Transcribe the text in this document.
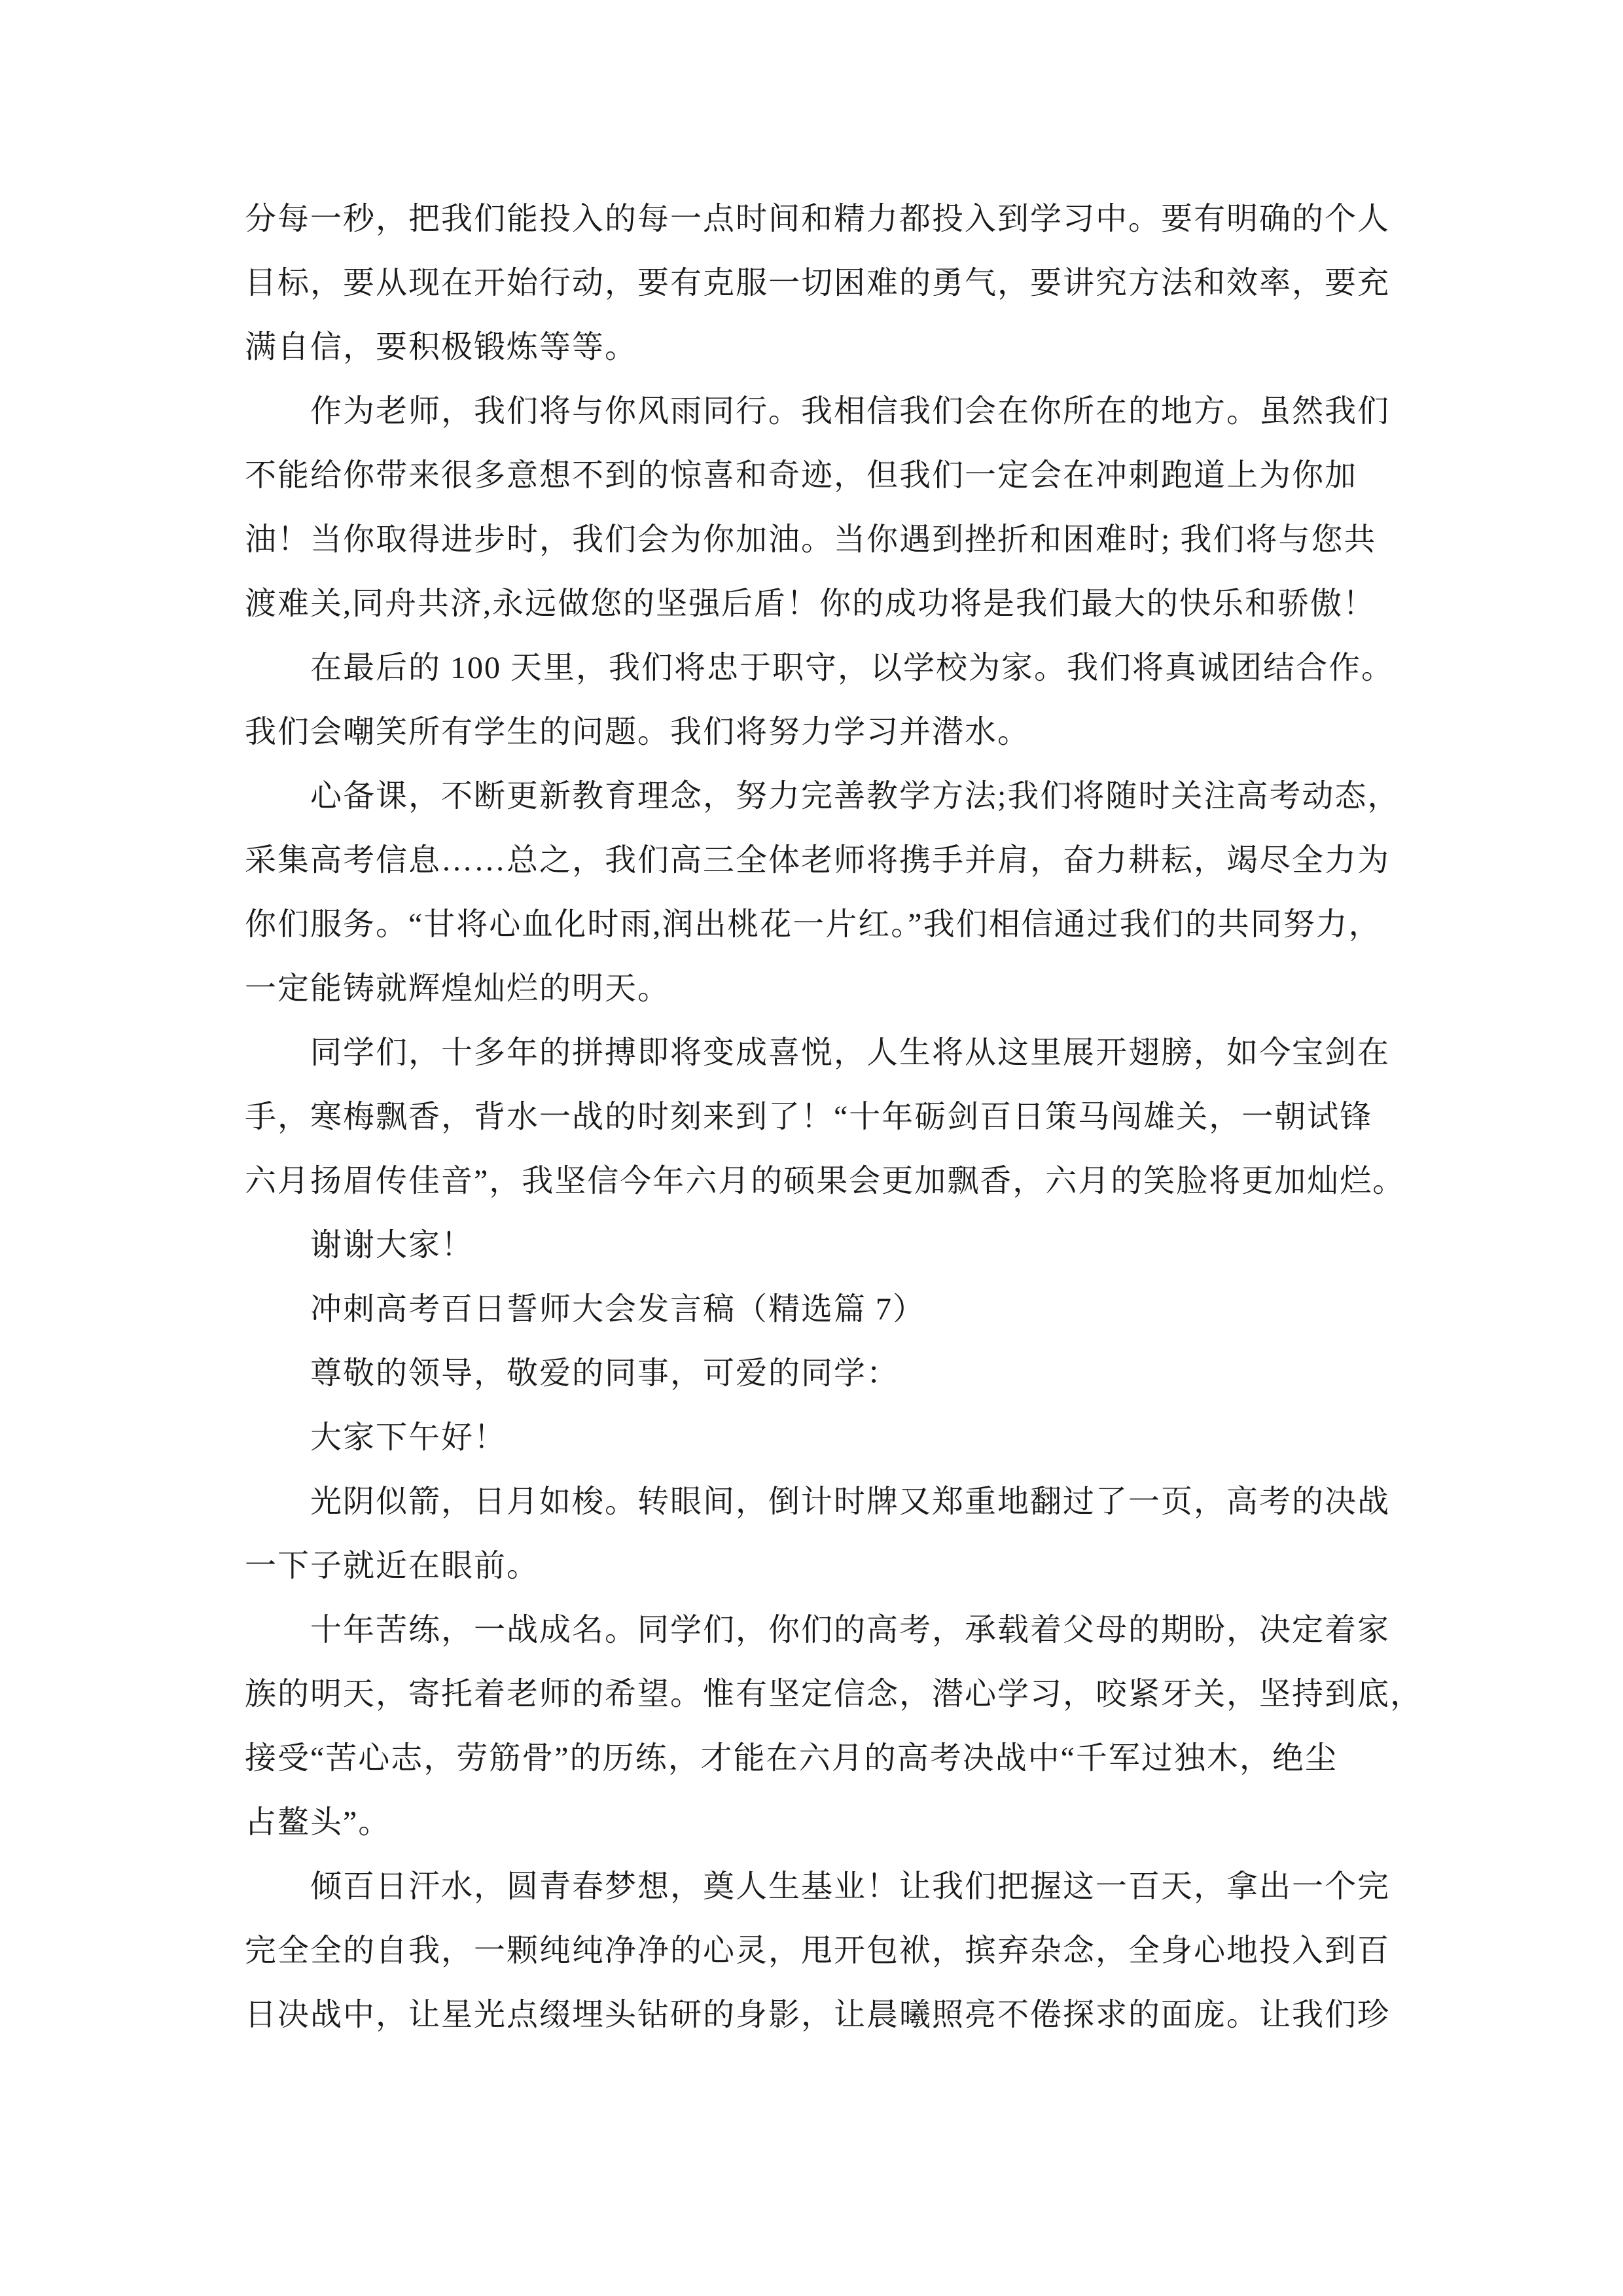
分每一秒，把我们能投入的每一点时间和精力都投入到学习中。要有明确的个人
目标，要从现在开始行动，要有克服一切困难的勇气，要讲究方法和效率，要充
满自信，要积极锻炼等等。
作为老师，我们将与你风雨同行。我相信我们会在你所在的地方。虽然我们
不能给你带来很多意想不到的惊喜和奇迹，但我们一定会在冲刺跑道上为你加
油！当你取得进步时，我们会为你加油。当你遇到挫折和困难时; 我们将与您共
渡难关,同舟共济,永远做您的坚强后盾！你的成功将是我们最大的快乐和骄傲！
在最后的 100 天里，我们将忠于职守，以学校为家。我们将真诚团结合作。
我们会嘲笑所有学生的问题。我们将努力学习并潜水。
心备课，不断更新教育理念，努力完善教学方法;我们将随时关注高考动态，
采集高考信息……总之，我们高三全体老师将携手并肩，奋力耕耘，竭尽全力为
你们服务。“甘将心血化时雨,润出桃花一片红。”我们相信通过我们的共同努力，
一定能铸就辉煌灿烂的明天。
同学们，十多年的拼搏即将变成喜悦，人生将从这里展开翅膀，如今宝剑在
手，寒梅飘香，背水一战的时刻来到了！“十年砺剑百日策马闯雄关，一朝试锋
六月扬眉传佳音”，我坚信今年六月的硕果会更加飘香，六月的笑脸将更加灿烂。
谢谢大家！
冲刺高考百日誓师大会发言稿（精选篇 7）
尊敬的领导，敬爱的同事，可爱的同学：
大家下午好！
光阴似箭，日月如梭。转眼间，倒计时牌又郑重地翻过了一页，高考的决战
一下子就近在眼前。
十年苦练，一战成名。同学们，你们的高考，承载着父母的期盼，决定着家
族的明天，寄托着老师的希望。惟有坚定信念，潜心学习，咬紧牙关，坚持到底，
接受“苦心志，劳筋骨”的历练，才能在六月的高考决战中“千军过独木，绝尘
占鳌头”。
倾百日汗水，圆青春梦想，奠人生基业！让我们把握这一百天，拿出一个完
完全全的自我，一颗纯纯净净的心灵，甩开包袱，摈弃杂念，全身心地投入到百
日决战中，让星光点缀埋头钻研的身影，让晨曦照亮不倦探求的面庞。让我们珍
